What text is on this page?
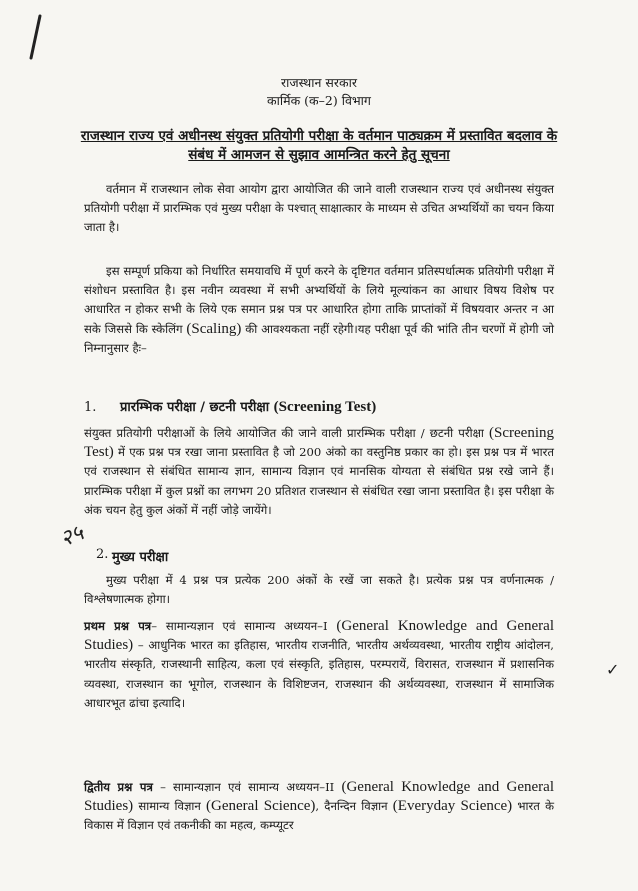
राजस्थान सरकार
कार्मिक (क–2) विभाग
राजस्थान राज्य एवं अधीनस्थ संयुक्त प्रतियोगी परीक्षा के वर्तमान पाठ्यक्रम में प्रस्तावित बदलाव के संबंध में आमजन से सुझाव आमन्त्रित करने हेतु सूचना
वर्तमान में राजस्थान लोक सेवा आयोग द्वारा आयोजित की जाने वाली राजस्थान राज्य एवं अधीनस्थ संयुक्त प्रतियोगी परीक्षा में प्रारम्भिक एवं मुख्य परीक्षा के पश्चात् साक्षात्कार के माध्यम से उचित अभ्यर्थियों का चयन किया जाता है।
इस सम्पूर्ण प्रकिया को निर्धारित समयावधि में पूर्ण करने के दृष्टिगत वर्तमान प्रतिस्पर्धात्मक प्रतियोगी परीक्षा में संशोधन प्रस्तावित है। इस नवीन व्यवस्था में सभी अभ्यर्थियों के लिये मूल्यांकन का आधार विषय विशेष पर आधारित न होकर सभी के लिये एक समान प्रश्न पत्र पर आधारित होगा ताकि प्राप्तांकों में विषयवार अन्तर न आ सके जिससे कि स्केलिंग (Scaling) की आवश्यकता नहीं रहेगी।यह परीक्षा पूर्व की भांति तीन चरणों में होगी जो निम्नानुसार हैः–
1. प्रारम्भिक परीक्षा / छटनी परीक्षा (Screening Test)
संयुक्त प्रतियोगी परीक्षाओं के लिये आयोजित की जाने वाली प्रारम्भिक परीक्षा / छटनी परीक्षा (Screening Test) में एक प्रश्न पत्र रखा जाना प्रस्तावित है जो 200 अंको का वस्तुनिष्ठ प्रकार का हो। इस प्रश्न पत्र में भारत एवं राजस्थान से संबंधित सामान्य ज्ञान, सामान्य विज्ञान एवं मानसिक योग्यता से संबंधित प्रश्न रखे जाने हैं। प्रारम्भिक परीक्षा में कुल प्रश्नों का लगभग 20 प्रतिशत राजस्थान से संबंधित रखा जाना प्रस्तावित है। इस परीक्षा के अंक चयन हेतु कुल अंकों में नहीं जोड़े जायेंगे।
२५
2. मुख्य परीक्षा
मुख्य परीक्षा में 4 प्रश्न पत्र प्रत्येक 200 अंकों के रखें जा सकते है। प्रत्येक प्रश्न पत्र वर्णनात्मक / विश्लेषणात्मक होगा।
प्रथम प्रश्न पत्र– सामान्यज्ञान एवं सामान्य अध्ययन–I (General Knowledge and General Studies) – आधुनिक भारत का इतिहास, भारतीय राजनीति, भारतीय अर्थव्यवस्था, भारतीय राष्ट्रीय आंदोलन, भारतीय संस्कृति, राजस्थानी साहित्य, कला एवं संस्कृति, इतिहास, परम्परायें, विरासत, राजस्थान में प्रशासनिक व्यवस्था, राजस्थान का भूगोल, राजस्थान के विशिष्टजन, राजस्थान की अर्थव्यवस्था, राजस्थान में सामाजिक आधारभूत ढांचा इत्यादि।
✓
द्वितीय प्रश्न पत्र – सामान्यज्ञान एवं सामान्य अध्ययन–II (General Knowledge and General Studies) सामान्य विज्ञान (General Science), दैनन्दिन विज्ञान (Everyday Science) भारत के विकास में विज्ञान एवं तकनीकी का महत्व, कम्प्यूटर
